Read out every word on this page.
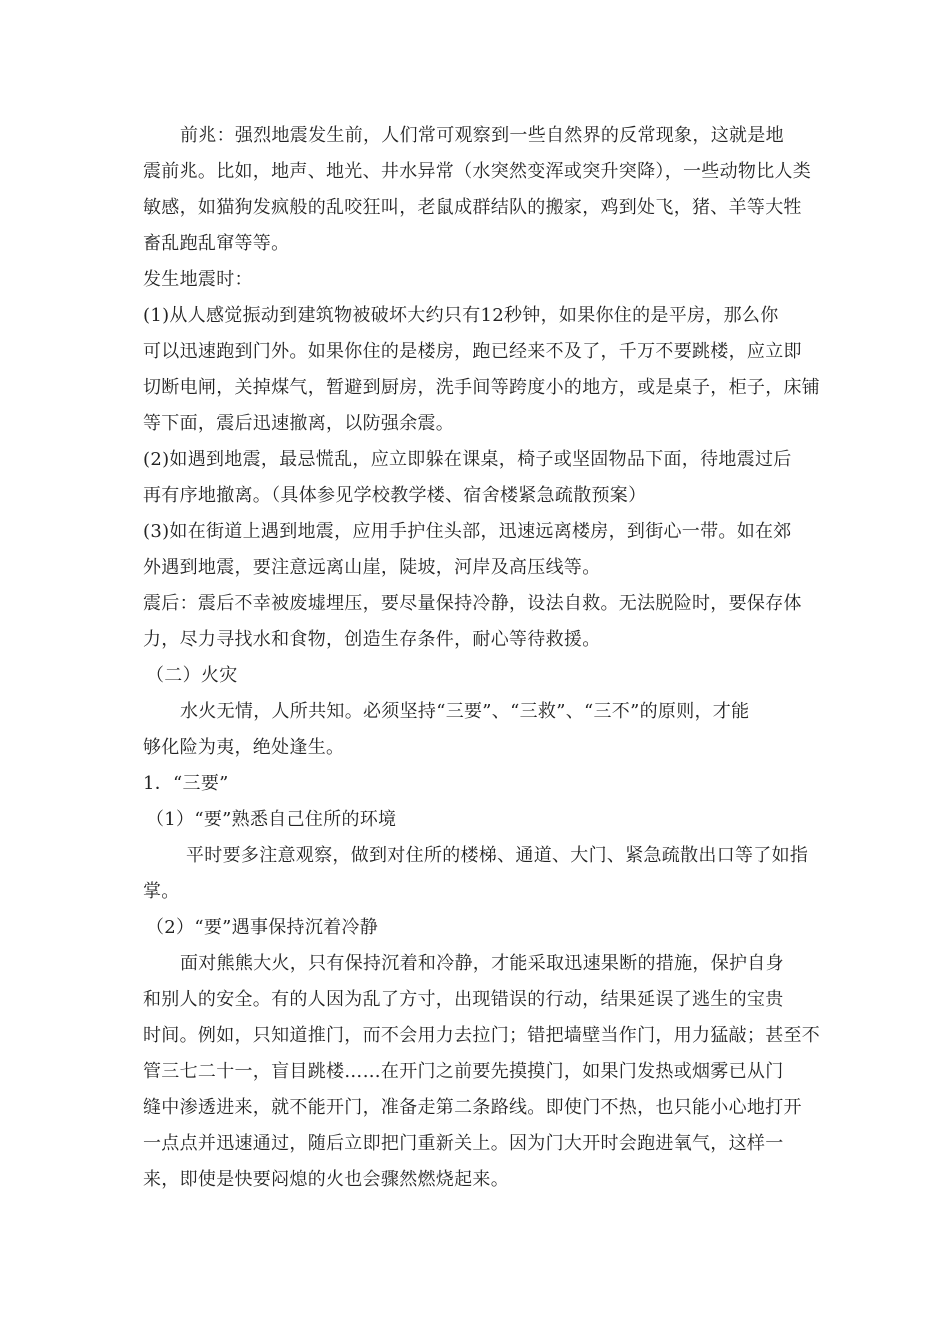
前兆：强烈地震发生前，人们常可观察到一些自然界的反常现象，这就是地
震前兆。比如，地声、地光、井水异常（水突然变浑或突升突降），一些动物比人类
敏感，如猫狗发疯般的乱咬狂叫，老鼠成群结队的搬家，鸡到处飞，猪、羊等大牲
畜乱跑乱窜等等。
发生地震时：
(1)从人感觉振动到建筑物被破坏大约只有12秒钟，如果你住的是平房，那么你
可以迅速跑到门外。如果你住的是楼房，跑已经来不及了，千万不要跳楼，应立即
切断电闸，关掉煤气，暂避到厨房，洗手间等跨度小的地方，或是桌子，柜子，床铺
等下面，震后迅速撤离，以防强余震。
(2)如遇到地震，最忌慌乱，应立即躲在课桌，椅子或坚固物品下面，待地震过后
再有序地撤离。（具体参见学校教学楼、宿舍楼紧急疏散预案）
(3)如在街道上遇到地震，应用手护住头部，迅速远离楼房，到街心一带。如在郊
外遇到地震，要注意远离山崖，陡坡，河岸及高压线等。
震后：震后不幸被废墟埋压，要尽量保持冷静，设法自救。无法脱险时，要保存体
力，尽力寻找水和食物，创造生存条件，耐心等待救援。
（二）火灾
水火无情，人所共知。必须坚持“三要”、“三救”、“三不”的原则，才能
够化险为夷，绝处逢生。
1．“三要”
（1）“要”熟悉自己住所的环境
平时要多注意观察，做到对住所的楼梯、通道、大门、紧急疏散出口等了如指
掌。
（2）“要”遇事保持沉着冷静
面对熊熊大火，只有保持沉着和冷静，才能采取迅速果断的措施，保护自身
和别人的安全。有的人因为乱了方寸，出现错误的行动，结果延误了逃生的宝贵
时间。例如，只知道推门，而不会用力去拉门；错把墙壁当作门，用力猛敲；甚至不
管三七二十一，盲目跳楼……在开门之前要先摸摸门，如果门发热或烟雾已从门
缝中渗透进来，就不能开门，准备走第二条路线。即使门不热，也只能小心地打开
一点点并迅速通过，随后立即把门重新关上。因为门大开时会跑进氧气，这样一
来，即使是快要闷熄的火也会骤然燃烧起来。
